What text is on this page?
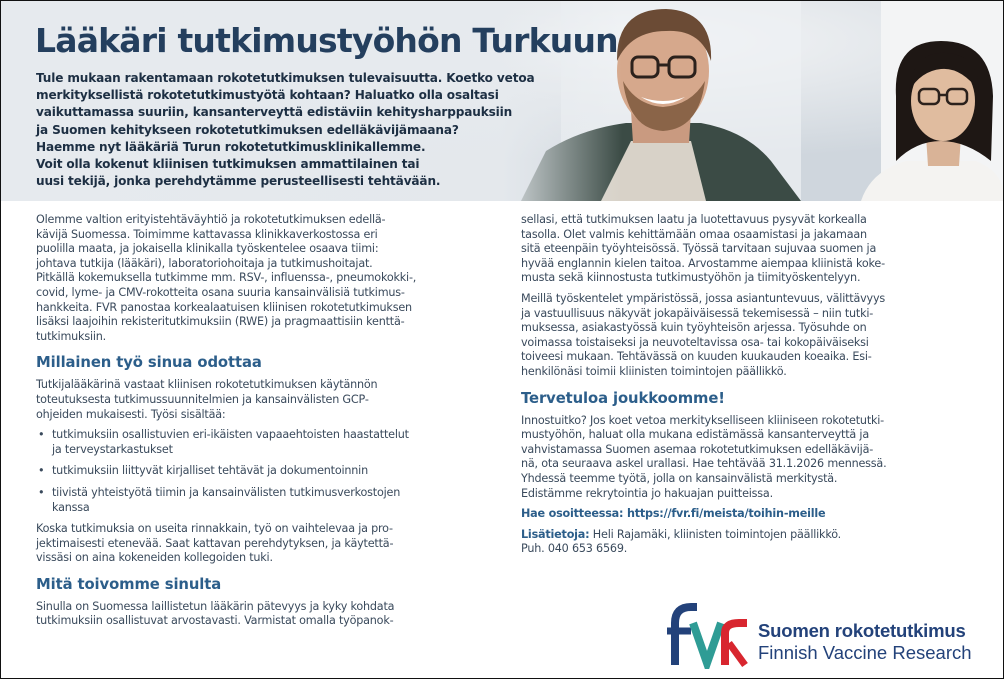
Lääkäri tutkimustyöhön Turkuun

Tule mukaan rakentamaan rokotetutkimuksen tulevaisuutta. Koetko vetoa

merkityksellistä rokotetutkimustyötä kohtaan? Haluatko olla osaltasi

vaikuttamassa suuriin, kansanterveyttä edistäviin kehitysharppauksiin

ja Suomen kehitykseen rokotetutkimuksen edelläkävijämaana?

Haemme nyt lääkäriä Turun rokotetutkimusklinikallemme.

Voit olla kokenut kliinisen tutkimuksen ammattilainen tai

uusi tekijä, jonka perehdytämme perusteellisesti tehtävään.

Olemme valtion erityistehtäväyhtiö ja rokotetutkimuksen edellä-

kävijä Suomessa. Toimimme kattavassa klinikkaverkostossa eri

puolilla maata, ja jokaisella klinikalla työskentelee osaava tiimi:

johtava tutkija (lääkäri), laboratoriohoitaja ja tutkimushoitajat.

Pitkällä kokemuksella tutkimme mm. RSV-, influenssa-, pneumokokki-,

covid, lyme- ja CMV-rokotteita osana suuria kansainvälisiä tutkimus-

hankkeita. FVR panostaa korkealaatuisen kliinisen rokotetutkimuksen

lisäksi laajoihin rekisteritutkimuksiin (RWE) ja pragmaattisiin kenttä-

tutkimuksiin.

Millainen työ sinua odottaa

Tutkijalääkärinä vastaat kliinisen rokotetutkimuksen käytännön

toteutuksesta tutkimussuunnitelmien ja kansainvälisten GCP-

ohjeiden mukaisesti. Työsi sisältää:

• tutkimuksiin osallistuvien eri-ikäisten vapaaehtoisten haastattelut
ja terveystarkastukset
• tutkimuksiin liittyvät kirjalliset tehtävät ja dokumentoinnin
• tiivistä yhteistyötä tiimin ja kansainvälisten tutkimusverkostojen
kanssa

Koska tutkimuksia on useita rinnakkain, työ on vaihtelevaa ja pro-

jektimaisesti etenevää. Saat kattavan perehdytyksen, ja käytettä-

vissäsi on aina kokeneiden kollegoiden tuki.

Mitä toivomme sinulta

Sinulla on Suomessa laillistetun lääkärin pätevyys ja kyky kohdata

tutkimuksiin osallistuvat arvostavasti. Varmistat omalla työpanok-

sellasi, että tutkimuksen laatu ja luotettavuus pysyvät korkealla

tasolla. Olet valmis kehittämään omaa osaamistasi ja jakamaan

sitä eteenpäin työyhteisössä. Työssä tarvitaan sujuvaa suomen ja

hyvää englannin kielen taitoa. Arvostamme aiempaa kliinistä koke-

musta sekä kiinnostusta tutkimustyöhön ja tiimityöskentelyyn.

Meillä työskentelet ympäristössä, jossa asiantuntevuus, välittävyys

ja vastuullisuus näkyvät jokapäiväisessä tekemisessä – niin tutki-

muksessa, asiakastyössä kuin työyhteisön arjessa. Työsuhde on

voimassa toistaiseksi ja neuvoteltavissa osa- tai kokopäiväiseksi

toiveesi mukaan. Tehtävässä on kuuden kuukauden koeaika. Esi-

henkilönäsi toimii kliinisten toimintojen päällikkö.

Tervetuloa joukkoomme!

Innostuitko? Jos koet vetoa merkitykselliseen kliiniseen rokotetutki-

mustyöhön, haluat olla mukana edistämässä kansanterveyttä ja

vahvistamassa Suomen asemaa rokotetutkimuksen edelläkävijä-

nä, ota seuraava askel urallasi. Hae tehtävää 31.1.2026 mennessä.

Yhdessä teemme työtä, jolla on kansainvälistä merkitystä.

Edistämme rekrytointia jo hakuajan puitteissa.

Hae osoitteessa: https://fvr.fi/meista/toihin-meille

Lisätietoja: Heli Rajamäki, kliinisten toimintojen päällikkö.

Puh. 040 653 6569.

Suomen rokotetutkimus
Finnish Vaccine Research
